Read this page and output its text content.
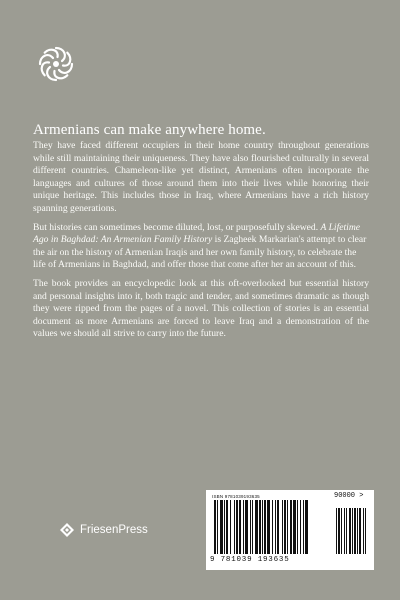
Armenians can make anywhere home.

They have faced different occupiers in their home country throughout generations while still maintaining their uniqueness. They have also flourished culturally in several different countries. Chameleon-like yet distinct, Armenians often incorporate the languages and cultures of those around them into their lives while honoring their unique heritage. This includes those in Iraq, where Armenians have a rich history spanning generations.

But histories can sometimes become diluted, lost, or purposefully skewed. A Lifetime Ago in Baghdad: An Armenian Family History is Zagheek Markarian's attempt to clear the air on the history of Armenian Iraqis and her own family history, to celebrate the life of Armenians in Baghdad, and offer those that come after her an account of this.

The book provides an encyclopedic look at this oft-overlooked but essential history and personal insights into it, both tragic and tender, and sometimes dramatic as though they were ripped from the pages of a novel. This collection of stories is an essential document as more Armenians are forced to leave Iraq and a demonstration of the values we should all strive to carry into the future.

FriesenPress
ISBN 978103919363​5	90000 >
9 781039 193635
